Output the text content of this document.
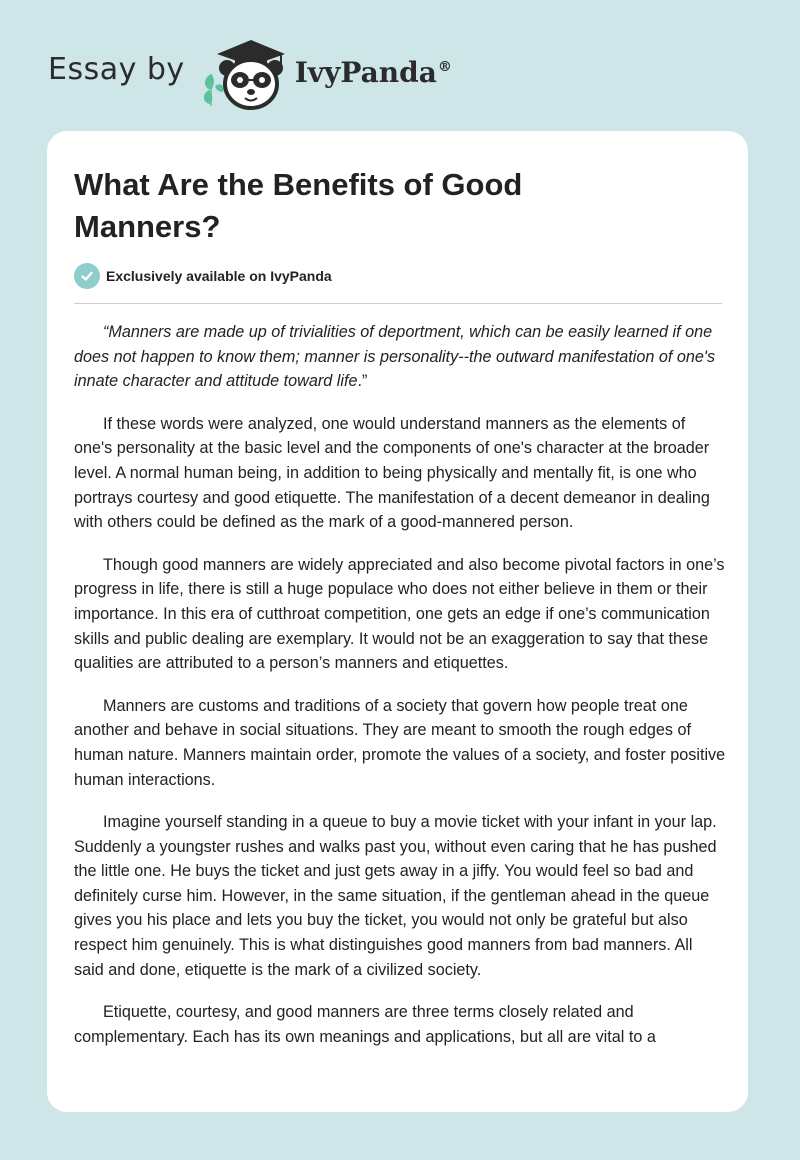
Essay by	IvyPanda®
What Are the Benefits of Good Manners?
Exclusively available on IvyPanda

“Manners are made up of trivialities of deportment, which can be easily learned if one does not happen to know them; manner is personality--the outward manifestation of one's innate character and attitude toward life.”

If these words were analyzed, one would understand manners as the elements of one's personality at the basic level and the components of one's character at the broader level. A normal human being, in addition to being physically and mentally fit, is one who portrays courtesy and good etiquette. The manifestation of a decent demeanor in dealing with others could be defined as the mark of a good-mannered person.

Though good manners are widely appreciated and also become pivotal factors in one’s progress in life, there is still a huge populace who does not either believe in them or their importance. In this era of cutthroat competition, one gets an edge if one’s communication skills and public dealing are exemplary. It would not be an exaggeration to say that these qualities are attributed to a person’s manners and etiquettes.

Manners are customs and traditions of a society that govern how people treat one another and behave in social situations. They are meant to smooth the rough edges of human nature. Manners maintain order, promote the values of a society, and foster positive human interactions.

Imagine yourself standing in a queue to buy a movie ticket with your infant in your lap. Suddenly a youngster rushes and walks past you, without even caring that he has pushed the little one. He buys the ticket and just gets away in a jiffy. You would feel so bad and definitely curse him. However, in the same situation, if the gentleman ahead in the queue gives you his place and lets you buy the ticket, you would not only be grateful but also respect him genuinely. This is what distinguishes good manners from bad manners. All said and done, etiquette is the mark of a civilized society.

Etiquette, courtesy, and good manners are three terms closely related and complementary. Each has its own meanings and applications, but all are vital to a
